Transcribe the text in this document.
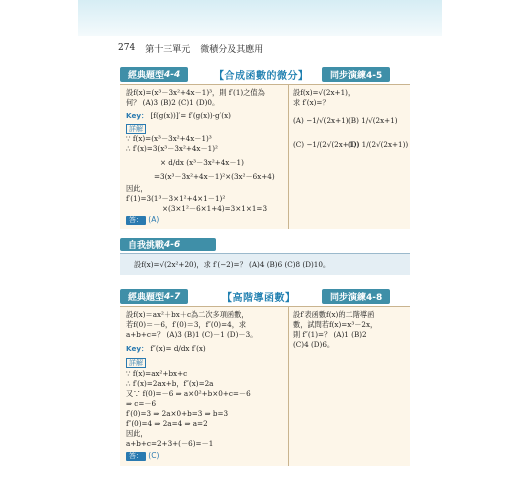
274 第十三單元 微積分及其應用
經典題型 4-4	【合成函數的微分】	同步演練4-5
設f(x)=(x³－3x²+4x－1)³，則 f′(1)之值為
何？ (A)3 (B)2 (C)1 (D)0。
Key： [f(g(x))]′= f′(g(x))·g′(x)
詳解
∵ f(x)=(x³－3x²+4x－1)³
∴ f′(x)=3(x³－3x²+4x－1)²
× d/dx (x³－3x²+4x－1)
=3(x³－3x²+4x－1)²×(3x²－6x+4)
因此，
f′(1)=3(1³－3×1²+4×1－1)²
×(3×1²－6×1+4)=3×1×1=3
答： (A)
設f(x)=√(2x+1)，
求 f′(x)=？
(A) −1/√(2x+1) (B) 1/√(2x+1)
(C) −1/(2√(2x+1))
(D) 1/(2√(2x+1))
自我挑戰 4-6
設f(x)=√(2x²+20)，求 f′(−2)=？ (A)4 (B)6 (C)8 (D)10。
經典題型 4-7	【高階導函數】	同步演練4-8
設f(x)＝ax²＋bx＋c為二次多項函數，
若f(0)＝－6，f′(0)＝3，f″(0)=4，求
a+b+c=？ (A)3 (B)1 (C)－1 (D)－3。
Key： f″(x)= d/dx f′(x)
詳解
∵ f(x)=ax²+bx+c
∴ f′(x)=2ax+b，f″(x)=2a
又∵ f(0)=－6 ⇒ a×0²+b×0+c=－6
⇒ c=－6
f′(0)=3 ⇒ 2a×0+b=3 ⇒ b=3
f″(0)=4 ⇒ 2a=4 ⇒ a=2
因此，
a+b+c=2+3+(－6)=－1
答： (C)
設f′表函數f(x)的二階導函
數，試問若f(x)=x³－2x，
則 f″(1)=？ (A)1 (B)2
(C)4 (D)6。
